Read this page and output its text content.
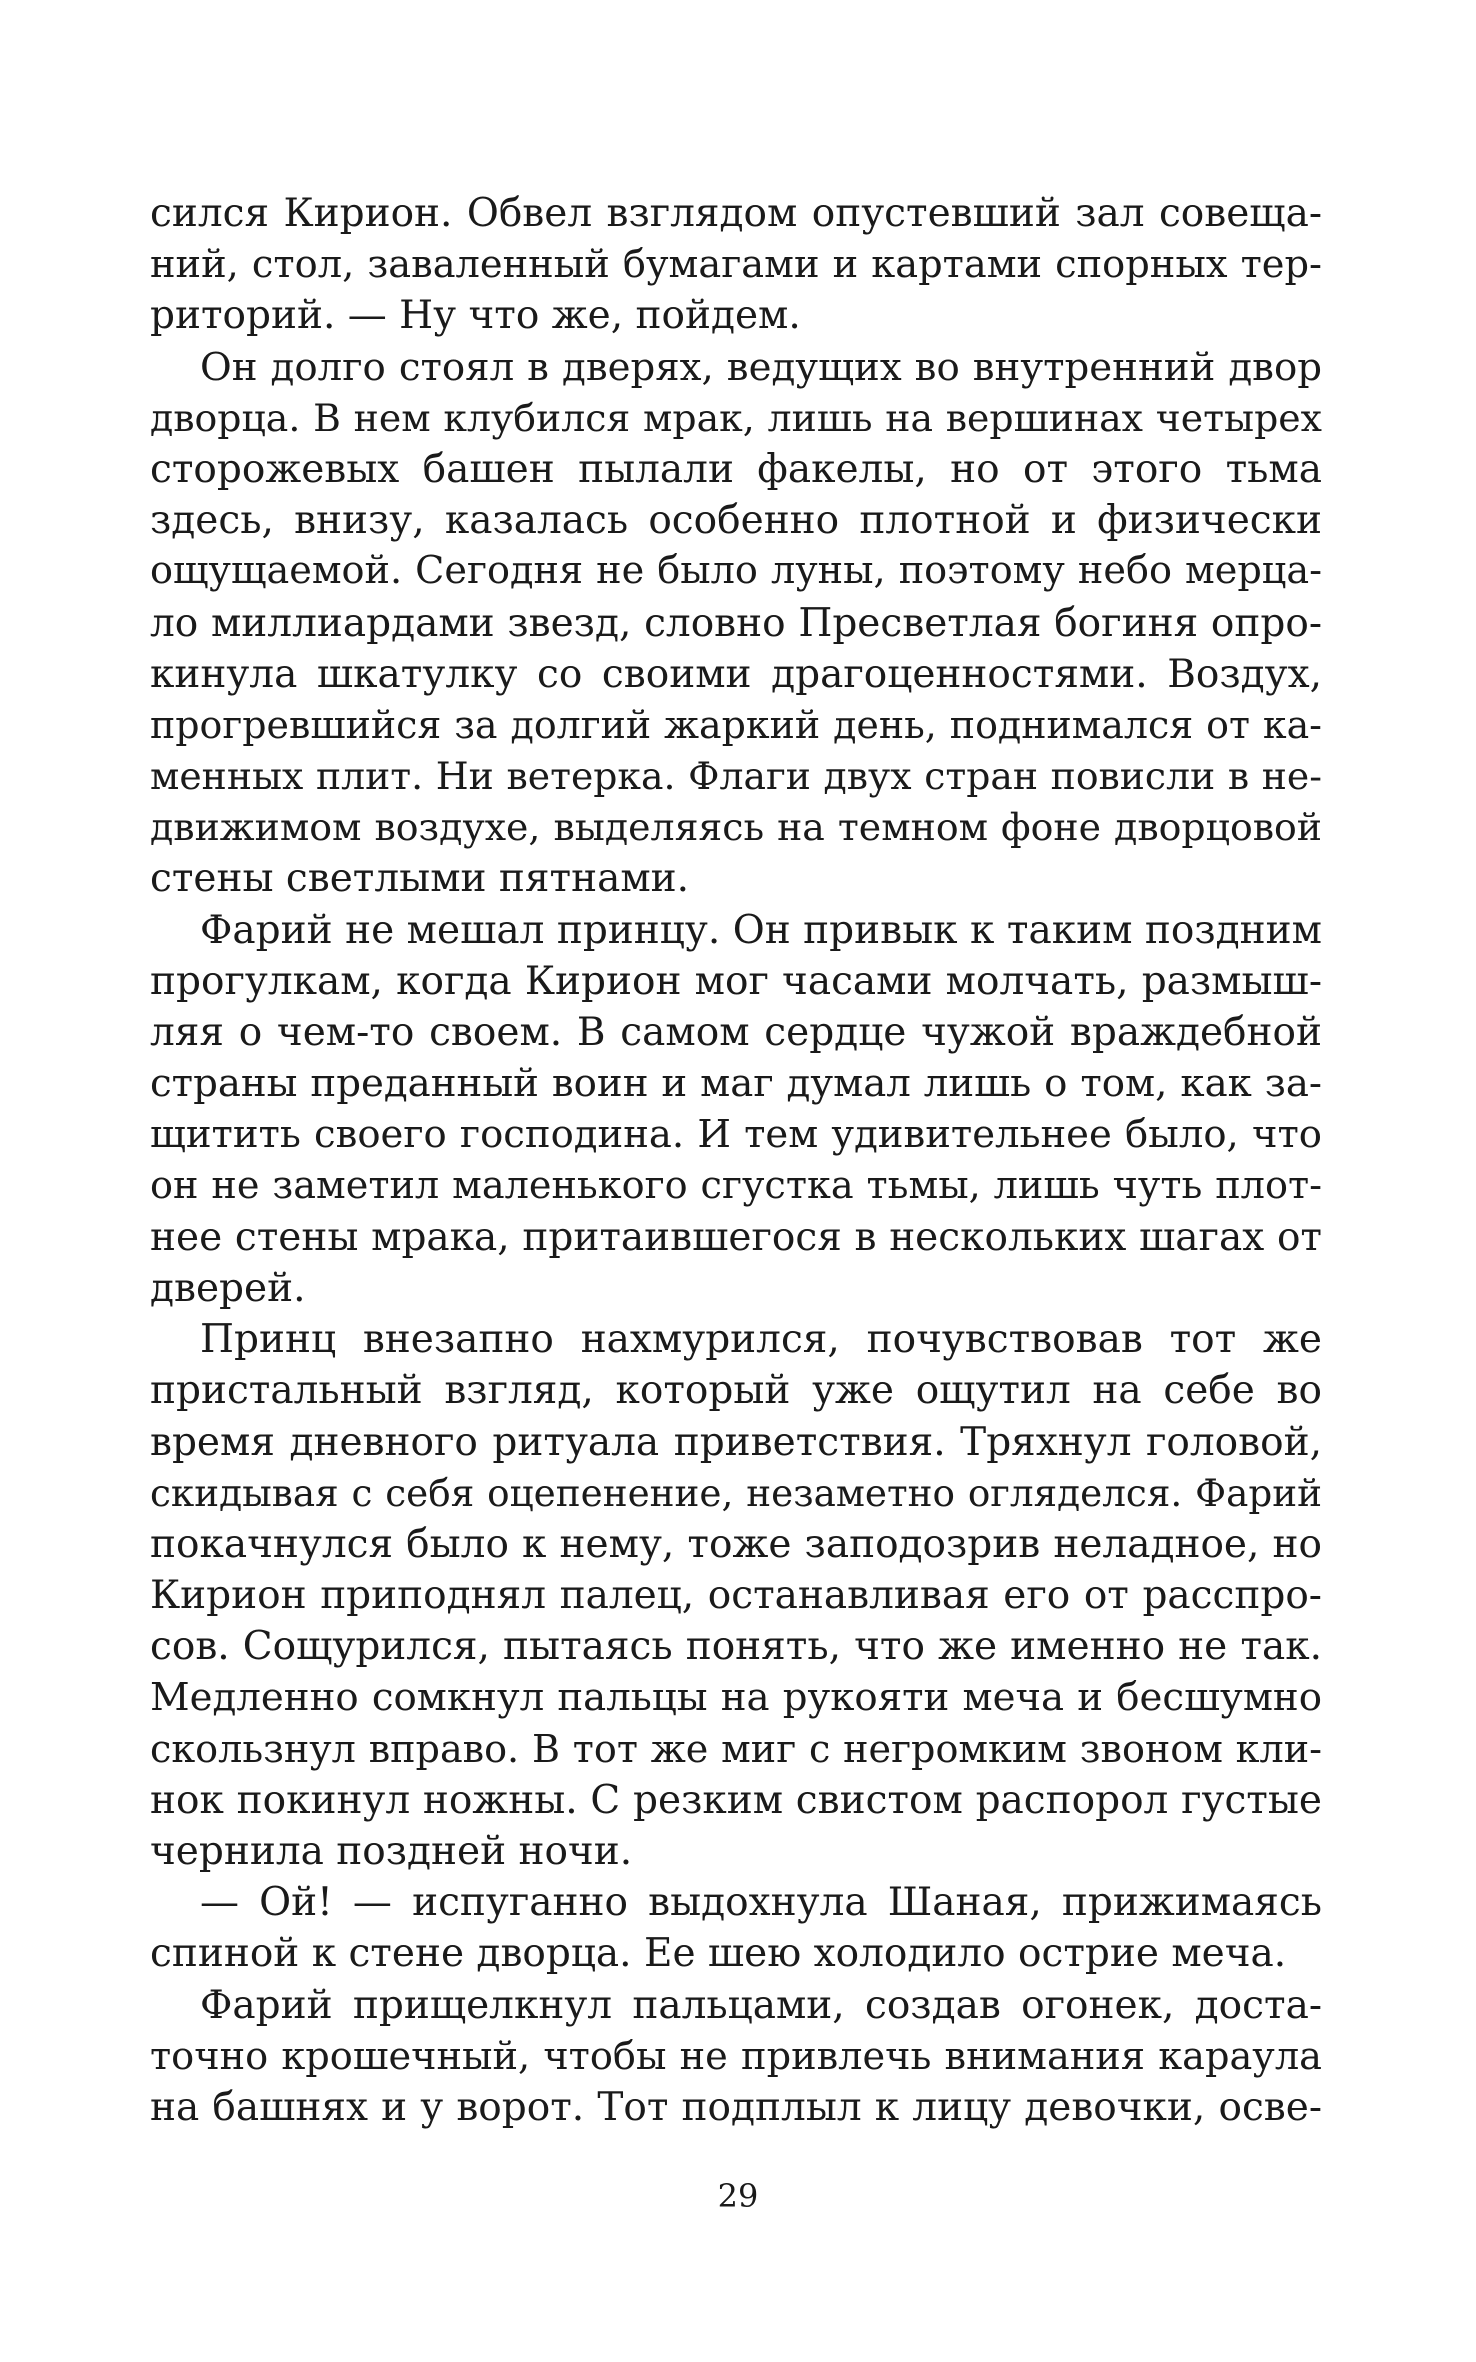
сился Кирион. Обвел взглядом опустевший зал совеща-
ний, стол, заваленный бумагами и картами спорных тер-
риторий. — Ну что же, пойдем.
Он долго стоял в дверях, ведущих во внутренний двор
дворца. В нем клубился мрак, лишь на вершинах четырех
сторожевых башен пылали факелы, но от этого тьма
здесь, внизу, казалась особенно плотной и физически
ощущаемой. Сегодня не было луны, поэтому небо мерца-
ло миллиардами звезд, словно Пресветлая богиня опро-
кинула шкатулку со своими драгоценностями. Воздух,
прогревшийся за долгий жаркий день, поднимался от ка-
менных плит. Ни ветерка. Флаги двух стран повисли в не-
движимом воздухе, выделяясь на темном фоне дворцовой
стены светлыми пятнами.
Фарий не мешал принцу. Он привык к таким поздним
прогулкам, когда Кирион мог часами молчать, размыш-
ляя о чем-то своем. В самом сердце чужой враждебной
страны преданный воин и маг думал лишь о том, как за-
щитить своего господина. И тем удивительнее было, что
он не заметил маленького сгустка тьмы, лишь чуть плот-
нее стены мрака, притаившегося в нескольких шагах от
дверей.
Принц внезапно нахмурился, почувствовав тот же
пристальный взгляд, который уже ощутил на себе во
время дневного ритуала приветствия. Тряхнул головой,
скидывая с себя оцепенение, незаметно огляделся. Фарий
покачнулся было к нему, тоже заподозрив неладное, но
Кирион приподнял палец, останавливая его от расспро-
сов. Сощурился, пытаясь понять, что же именно не так.
Медленно сомкнул пальцы на рукояти меча и бесшумно
скользнул вправо. В тот же миг с негромким звоном кли-
нок покинул ножны. С резким свистом распорол густые
чернила поздней ночи.
— Ой! — испуганно выдохнула Шаная, прижимаясь
спиной к стене дворца. Ее шею холодило острие меча.
Фарий прищелкнул пальцами, создав огонек, доста-
точно крошечный, чтобы не привлечь внимания караула
на башнях и у ворот. Тот подплыл к лицу девочки, осве-
29
